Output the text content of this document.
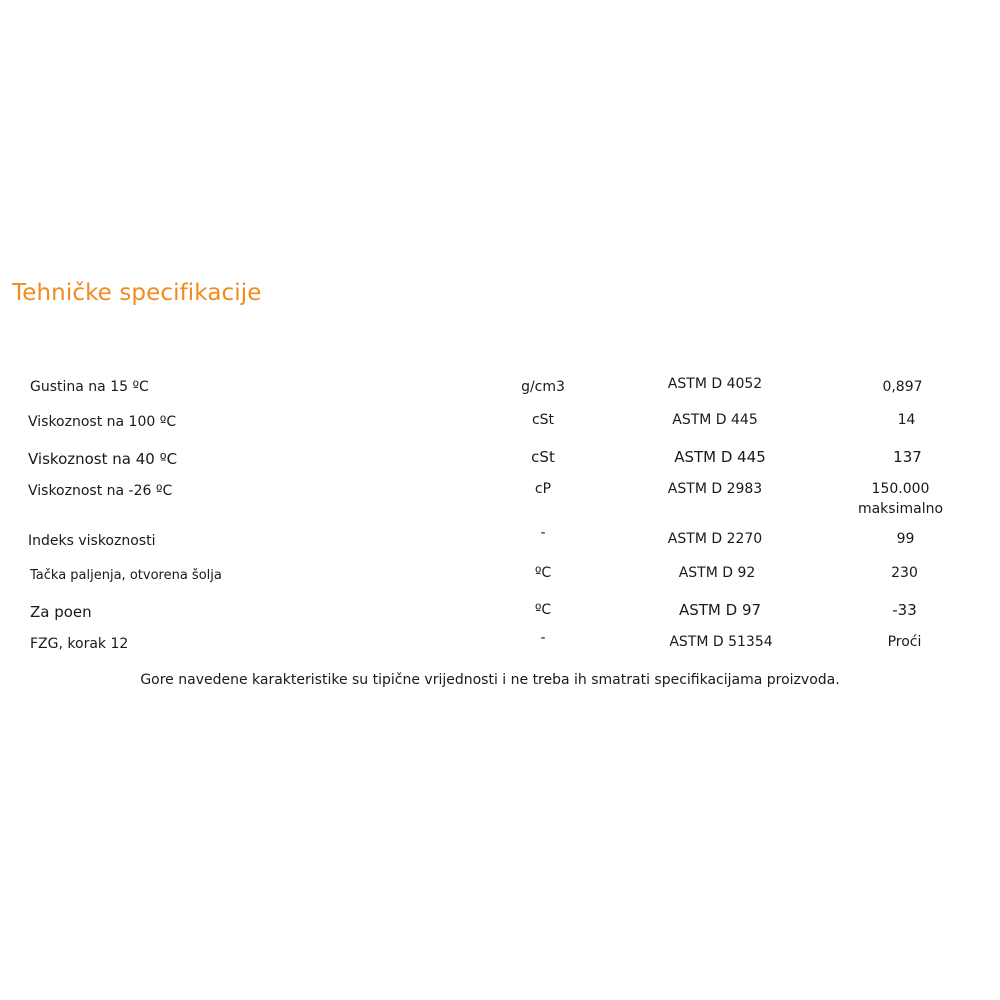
Tehničke specifikacije
Gustina na 15 ºC	g/cm3	ASTM D 4052	0,897
Viskoznost na 100 ºC	cSt	ASTM D 445	14
Viskoznost na 40 ºC	cSt	ASTM D 445	137
Viskoznost na -26 ºC	cP	ASTM D 2983	150.000 maksimalno
Indeks viskoznosti	-	ASTM D 2270	99
Tačka paljenja, otvorena šolja	ºC	ASTM D 92	230
Za poen	ºC	ASTM D 97	-33
FZG, korak 12	-	ASTM D 51354	Proći

Gore navedene karakteristike su tipične vrijednosti i ne treba ih smatrati specifikacijama proizvoda.
